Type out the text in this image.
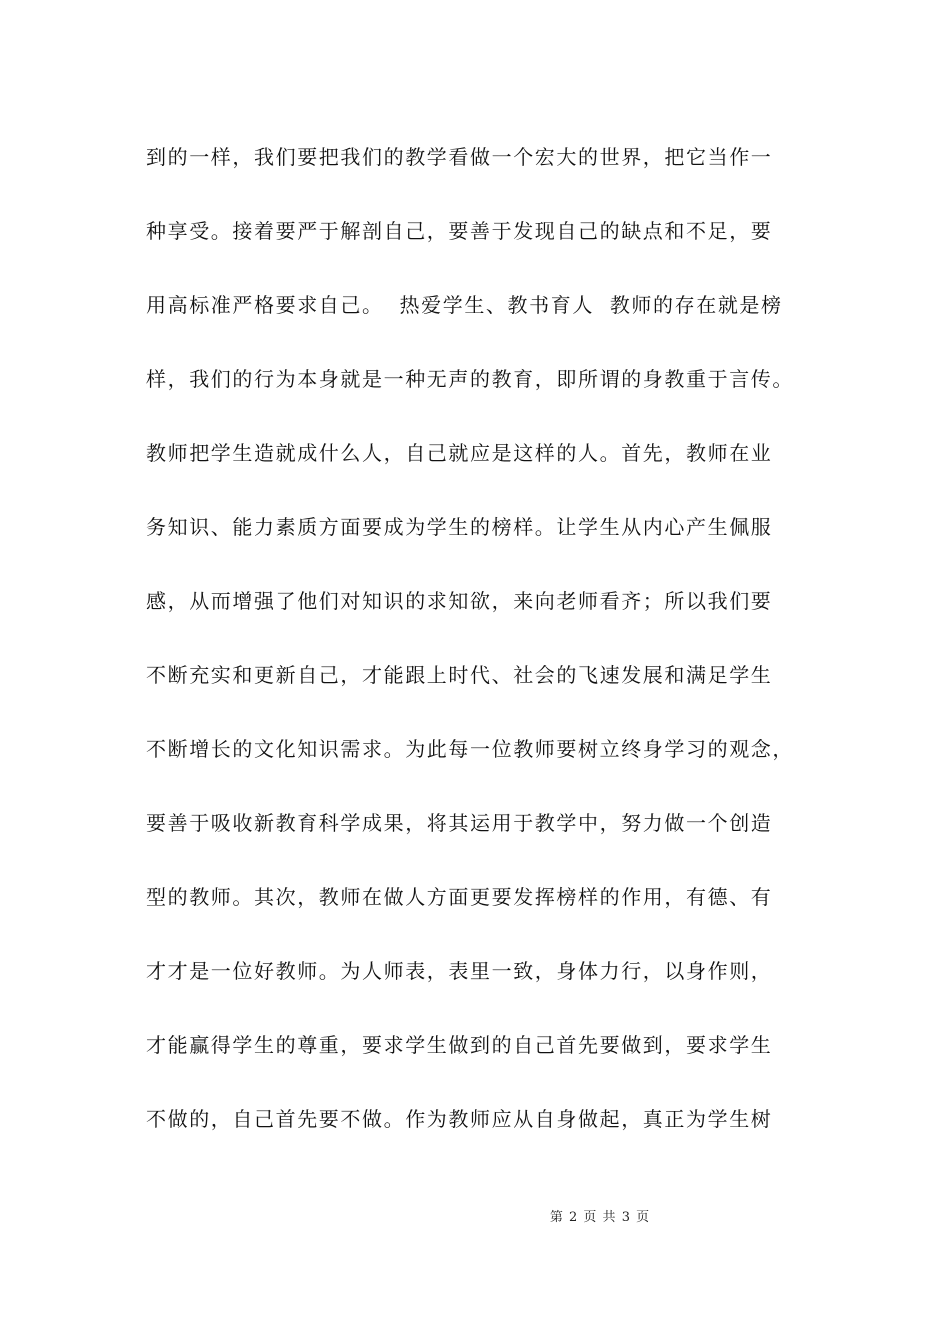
到的一样，我们要把我们的教学看做一个宏大的世界，把它当作一
种享受。接着要严于解剖自己，要善于发现自己的缺点和不足，要
用高标准严格要求自己。  热爱学生、教书育人  教师的存在就是榜
样，我们的行为本身就是一种无声的教育，即所谓的身教重于言传。
教师把学生造就成什么人，自己就应是这样的人。首先，教师在业
务知识、能力素质方面要成为学生的榜样。让学生从内心产生佩服
感，从而增强了他们对知识的求知欲，来向老师看齐；所以我们要
不断充实和更新自己，才能跟上时代、社会的飞速发展和满足学生
不断增长的文化知识需求。为此每一位教师要树立终身学习的观念，
要善于吸收新教育科学成果，将其运用于教学中，努力做一个创造
型的教师。其次，教师在做人方面更要发挥榜样的作用，有德、有
才才是一位好教师。为人师表，表里一致，身体力行，以身作则，
才能赢得学生的尊重，要求学生做到的自己首先要做到，要求学生
不做的，自己首先要不做。作为教师应从自身做起，真正为学生树
第 2 页 共 3 页
